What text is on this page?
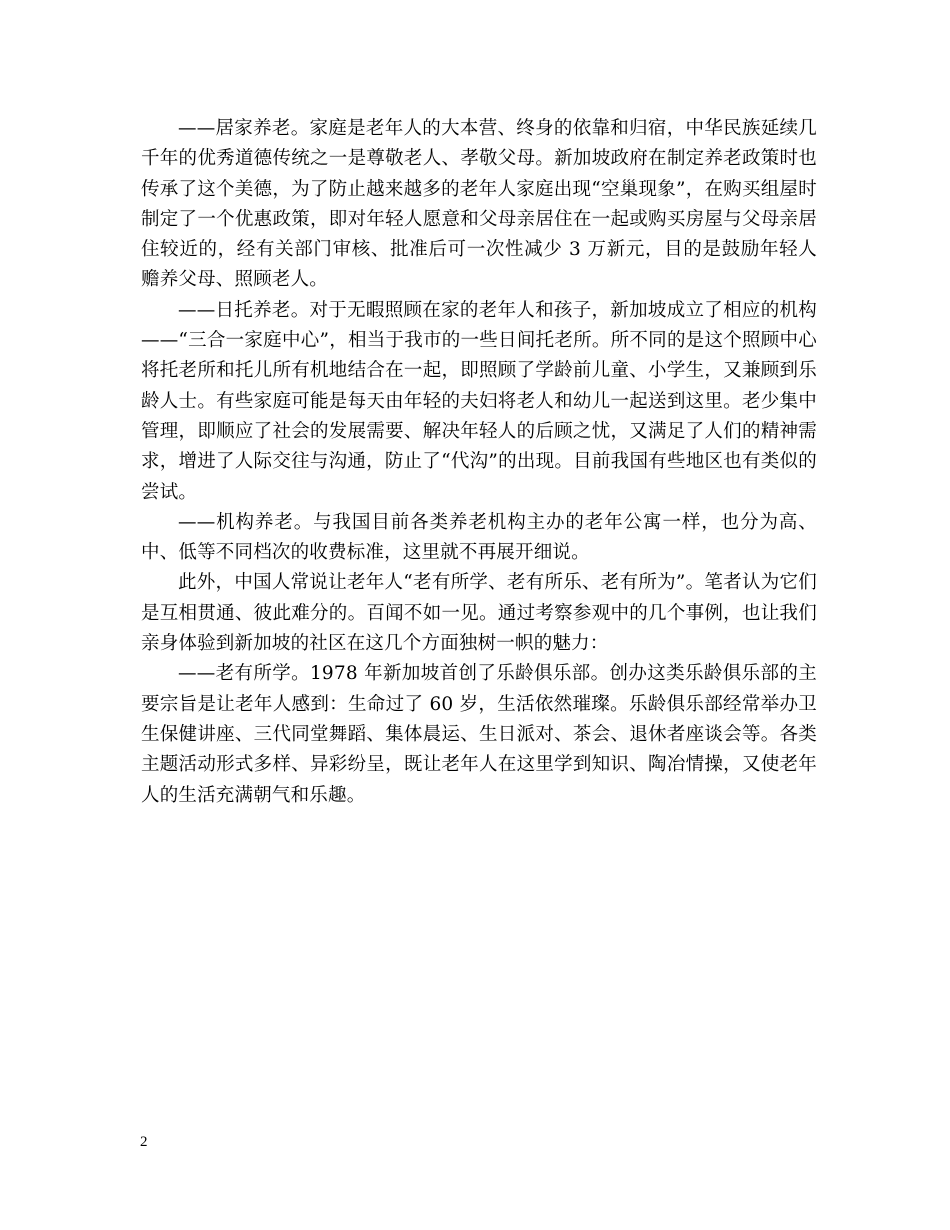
——居家养老。家庭是老年人的大本营、终身的依靠和归宿，中华民族延续几千年的优秀道德传统之一是尊敬老人、孝敬父母。新加坡政府在制定养老政策时也传承了这个美德，为了防止越来越多的老年人家庭出现“空巢现象”，在购买组屋时制定了一个优惠政策，即对年轻人愿意和父母亲居住在一起或购买房屋与父母亲居住较近的，经有关部门审核、批准后可一次性减少 3 万新元，目的是鼓励年轻人赡养父母、照顾老人。

——日托养老。对于无暇照顾在家的老年人和孩子，新加坡成立了相应的机构——“三合一家庭中心”，相当于我市的一些日间托老所。所不同的是这个照顾中心将托老所和托儿所有机地结合在一起，即照顾了学龄前儿童、小学生，又兼顾到乐龄人士。有些家庭可能是每天由年轻的夫妇将老人和幼儿一起送到这里。老少集中管理，即顺应了社会的发展需要、解决年轻人的后顾之忧，又满足了人们的精神需求，增进了人际交往与沟通，防止了“代沟”的出现。目前我国有些地区也有类似的尝试。

——机构养老。与我国目前各类养老机构主办的老年公寓一样，也分为高、中、低等不同档次的收费标准，这里就不再展开细说。

此外，中国人常说让老年人“老有所学、老有所乐、老有所为”。笔者认为它们是互相贯通、彼此难分的。百闻不如一见。通过考察参观中的几个事例，也让我们亲身体验到新加坡的社区在这几个方面独树一帜的魅力：

——老有所学。1978 年新加坡首创了乐龄俱乐部。创办这类乐龄俱乐部的主要宗旨是让老年人感到：生命过了 60 岁，生活依然璀璨。乐龄俱乐部经常举办卫生保健讲座、三代同堂舞蹈、集体晨运、生日派对、茶会、退休者座谈会等。各类主题活动形式多样、异彩纷呈，既让老年人在这里学到知识、陶冶情操，又使老年人的生活充满朝气和乐趣。

2
